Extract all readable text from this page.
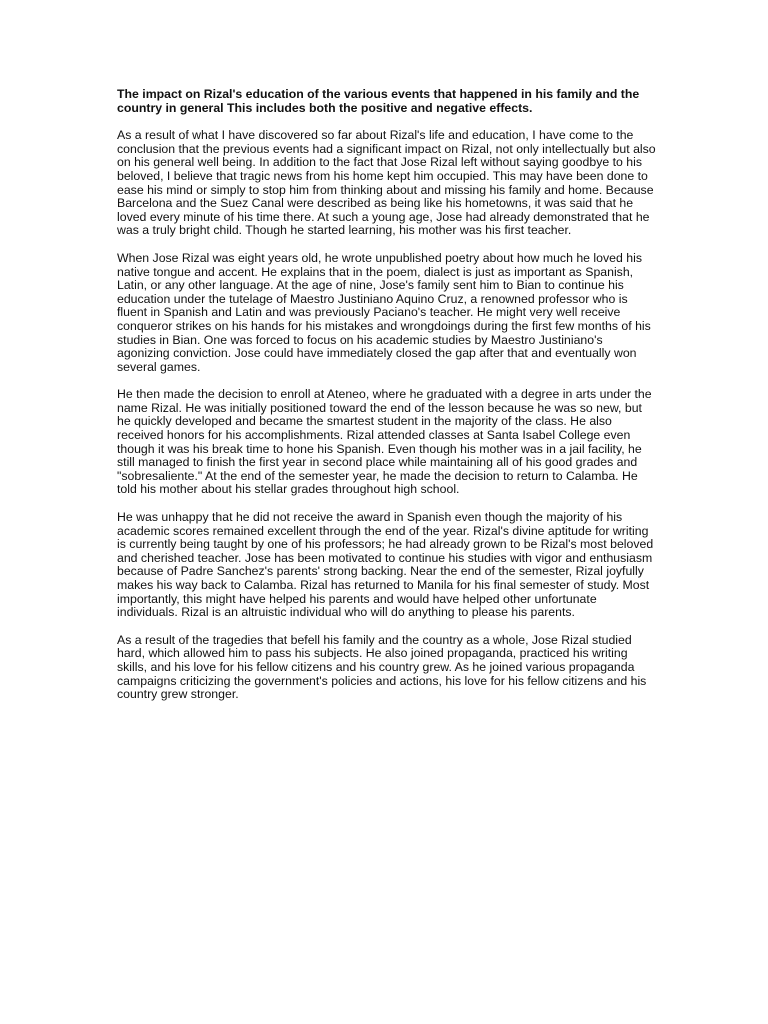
The impact on Rizal's education of the various events that happened in his family and the country in general This includes both the positive and negative effects.

As a result of what I have discovered so far about Rizal's life and education, I have come to the conclusion that the previous events had a significant impact on Rizal, not only intellectually but also on his general well being. In addition to the fact that Jose Rizal left without saying goodbye to his beloved, I believe that tragic news from his home kept him occupied. This may have been done to ease his mind or simply to stop him from thinking about and missing his family and home. Because Barcelona and the Suez Canal were described as being like his hometowns, it was said that he loved every minute of his time there. At such a young age, Jose had already demonstrated that he was a truly bright child. Though he started learning, his mother was his first teacher.

When Jose Rizal was eight years old, he wrote unpublished poetry about how much he loved his native tongue and accent. He explains that in the poem, dialect is just as important as Spanish, Latin, or any other language. At the age of nine, Jose's family sent him to Bian to continue his education under the tutelage of Maestro Justiniano Aquino Cruz, a renowned professor who is fluent in Spanish and Latin and was previously Paciano's teacher. He might very well receive conqueror strikes on his hands for his mistakes and wrongdoings during the first few months of his studies in Bian. One was forced to focus on his academic studies by Maestro Justiniano's agonizing conviction. Jose could have immediately closed the gap after that and eventually won several games.

He then made the decision to enroll at Ateneo, where he graduated with a degree in arts under the name Rizal. He was initially positioned toward the end of the lesson because he was so new, but he quickly developed and became the smartest student in the majority of the class. He also received honors for his accomplishments. Rizal attended classes at Santa Isabel College even though it was his break time to hone his Spanish. Even though his mother was in a jail facility, he still managed to finish the first year in second place while maintaining all of his good grades and "sobresaliente." At the end of the semester year, he made the decision to return to Calamba. He told his mother about his stellar grades throughout high school.

He was unhappy that he did not receive the award in Spanish even though the majority of his academic scores remained excellent through the end of the year. Rizal's divine aptitude for writing is currently being taught by one of his professors; he had already grown to be Rizal's most beloved and cherished teacher. Jose has been motivated to continue his studies with vigor and enthusiasm because of Padre Sanchez's parents' strong backing. Near the end of the semester, Rizal joyfully makes his way back to Calamba. Rizal has returned to Manila for his final semester of study. Most importantly, this might have helped his parents and would have helped other unfortunate individuals. Rizal is an altruistic individual who will do anything to please his parents.

As a result of the tragedies that befell his family and the country as a whole, Jose Rizal studied hard, which allowed him to pass his subjects. He also joined propaganda, practiced his writing skills, and his love for his fellow citizens and his country grew. As he joined various propaganda campaigns criticizing the government's policies and actions, his love for his fellow citizens and his country grew stronger.
